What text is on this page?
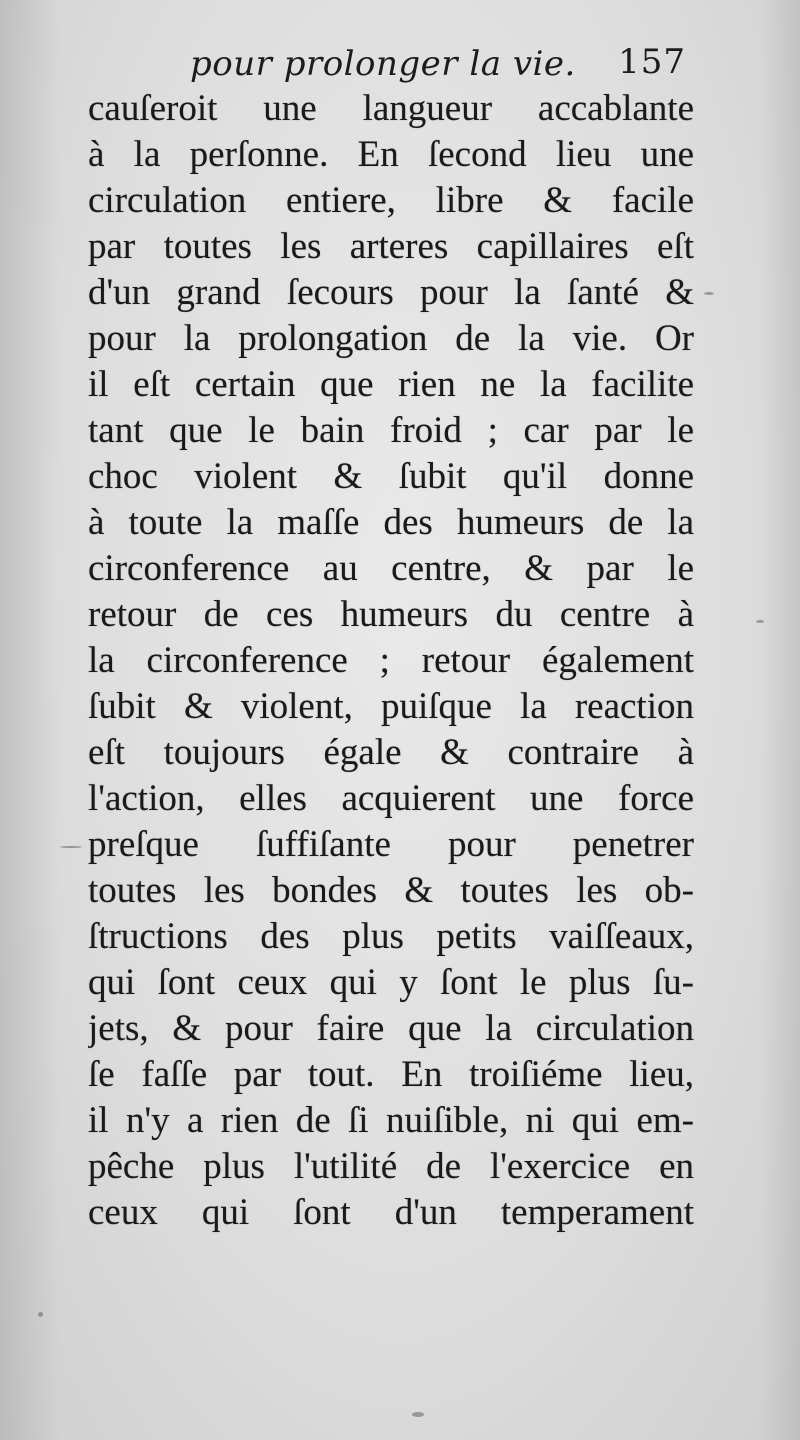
pour prolonger la vie. 157
cauſeroit une langueur accablante
à la perſonne. En ſecond lieu une
circulation entiere, libre & facile
par toutes les arteres capillaires eſt
d'un grand ſecours pour la ſanté &
pour la prolongation de la vie. Or
il eſt certain que rien ne la facilite
tant que le bain froid ; car par le
choc violent & ſubit qu'il donne
à toute la maſſe des humeurs de la
circonference au centre, & par le
retour de ces humeurs du centre à
la circonference ; retour également
ſubit & violent, puiſque la reaction
eſt toujours égale & contraire à
l'action, elles acquierent une force
preſque ſuffiſante pour penetrer
toutes les bondes & toutes les ob-
ſtructions des plus petits vaiſſeaux,
qui ſont ceux qui y ſont le plus ſu-
jets, & pour faire que la circulation
ſe faſſe par tout. En troiſiéme lieu,
il n'y a rien de ſi nuiſible, ni qui em-
pêche plus l'utilité de l'exercice en
ceux qui ſont d'un temperament
